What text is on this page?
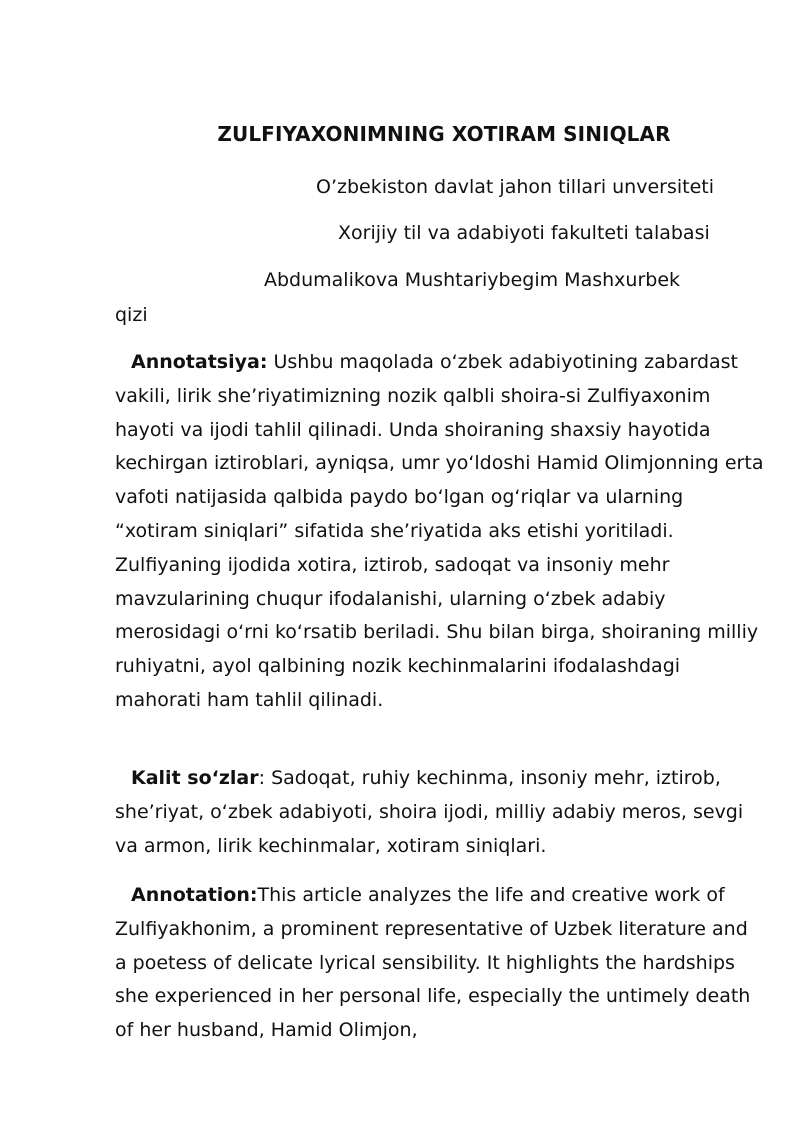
ZULFIYAXONIMNING XOTIRAM SINIQLAR
O’zbekiston davlat jahon tillari unversiteti
Xorijiy til va adabiyoti fakulteti talabasi
Abdumalikova Mushtariybegim Mashxurbek
qizi
Annotatsiya: Ushbu maqolada o‘zbek adabiyotining zabardast vakili, lirik she’riyatimizning nozik qalbli shoira-si Zulfiyaxonim hayoti va ijodi tahlil qilinadi. Unda shoiraning shaxsiy hayotida kechirgan iztiroblari, ayniqsa, umr yo‘ldoshi Hamid Olimjonning erta vafoti natijasida qalbida paydo bo‘lgan og‘riqlar va ularning “xotiram siniqlari” sifatida she’riyatida aks etishi yoritiladi. Zulfiyaning ijodida xotira, iztirob, sadoqat va insoniy mehr mavzularining chuqur ifodalanishi, ularning o‘zbek adabiy merosidagi o‘rni ko‘rsatib beriladi. Shu bilan birga, shoiraning milliy ruhiyatni, ayol qalbining nozik kechinmalarini ifodalashdagi mahorati ham tahlil qilinadi.
Kalit so‘zlar: Sadoqat, ruhiy kechinma, insoniy mehr, iztirob, she’riyat, o‘zbek adabiyoti, shoira ijodi, milliy adabiy meros, sevgi va armon, lirik kechinmalar, xotiram siniqlari.
Annotation:This article analyzes the life and creative work of Zulfiyakhonim, a prominent representative of Uzbek literature and a poetess of delicate lyrical sensibility. It highlights the hardships she experienced in her personal life, especially the untimely death of her husband, Hamid Olimjon,
